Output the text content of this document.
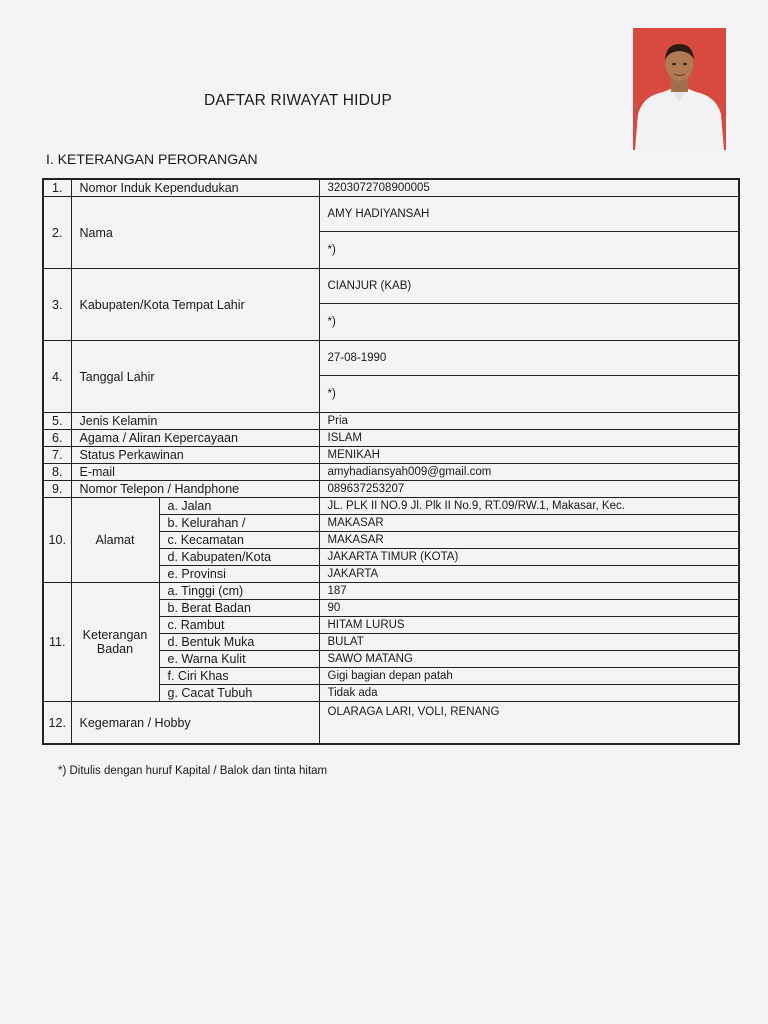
DAFTAR RIWAYAT HIDUP
I. KETERANGAN PERORANGAN
1.	Nomor Induk Kependudukan		3203072708900005
2.	Nama		AMY HADIYANSAH
			*)
3.	Kabupaten/Kota Tempat Lahir		CIANJUR (KAB)
			*)
4.	Tanggal Lahir		27-08-1990
			*)
5.	Jenis Kelamin		Pria
6.	Agama / Aliran Kepercayaan		ISLAM
7.	Status Perkawinan		MENIKAH
8.	E-mail		amyhadiansyah009@gmail.com
9.	Nomor Telepon / Handphone		089637253207
10.	Alamat	a. Jalan	JL. PLK II NO.9 Jl. Plk II No.9, RT.09/RW.1, Makasar, Kec.
		b. Kelurahan /	MAKASAR
		c. Kecamatan	MAKASAR
		d. Kabupaten/Kota	JAKARTA TIMUR (KOTA)
		e. Provinsi	JAKARTA
11.	Keterangan Badan	a. Tinggi (cm)	187
		b. Berat Badan	90
		c. Rambut	HITAM LURUS
		d. Bentuk Muka	BULAT
		e. Warna Kulit	SAWO MATANG
		f. Ciri Khas	Gigi bagian depan patah
		g. Cacat Tubuh	Tidak ada
12.	Kegemaran / Hobby		OLARAGA LARI, VOLI, RENANG
*) Ditulis dengan huruf Kapital / Balok dan tinta hitam
